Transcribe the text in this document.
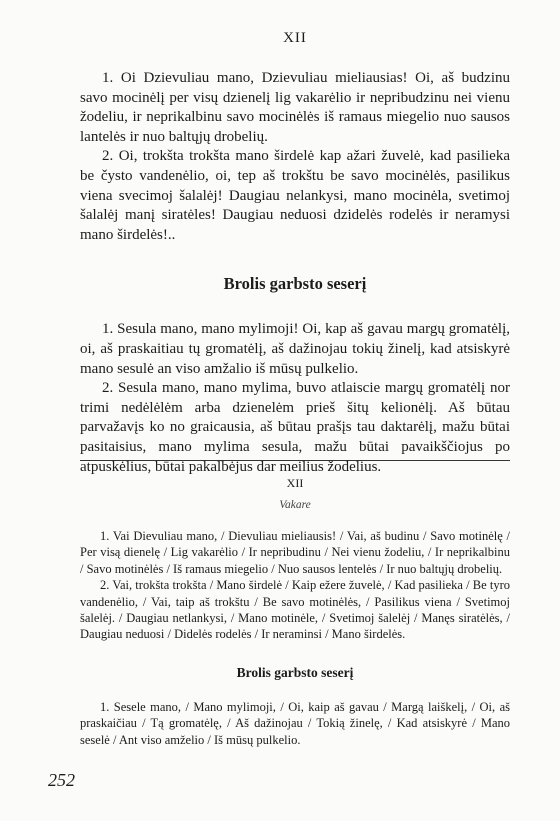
XII

1. Oi Dzievuliau mano, Dzievuliau mieliausias! Oi, aš budzinu savo mocinėlį per visų dzienelį lig vakarėlio ir nepribudzinu nei vienu žodeliu, ir neprikalbinu savo mocinėlės iš ramaus miegelio nuo sausos lantelės ir nuo baltųjų drobelių.

2. Oi, trokšta trokšta mano širdelė kap ažari žuvelė, kad pasilieka be čysto vandenėlio, oi, tep aš trokštu be savo mocinėlės, pasilikus viena svecimoj šalalėj! Daugiau nelankysi, mano mocinėla, svetimoj šalalėj manį siratėles! Daugiau neduosi dzidelės rodelės ir neramysi mano širdelės!..

Brolis garbsto seserį

1. Sesula mano, mano mylimoji! Oi, kap aš gavau margų gromatėlį, oi, aš praskaitiau tų gromatėlį, aš dažinojau tokių žinelį, kad atsiskyrė mano sesulė an viso amžalio iš mūsų pulkelio.

2. Sesula mano, mano mylima, buvo atlaiscie margų gromatėlį nor trimi nedėlėlėm arba dzienelėm prieš šitų kelionėlį. Aš būtau parvažavįs ko no graicausia, aš būtau prašįs tau daktarėlį, mažu būtai pasitaisius, mano mylima sesula, mažu būtai pavaikščiojus po atpuskėlius, būtai pakalbėjus dar meilius žodelius.

XII
Vakare

1. Vai Dievuliau mano, / Dievuliau mieliausis! / Vai, aš budinu / Savo motinėlę / Per visą dienelę / Lig vakarėlio / Ir nepribudinu / Nei vienu žodeliu, / Ir neprikalbinu / Savo motinėlės / Iš ramaus miegelio / Nuo sausos lentelės / Ir nuo baltųjų drobelių.

2. Vai, trokšta trokšta / Mano širdelė / Kaip ežere žuvelė, / Kad pasilieka / Be tyro vandenėlio, / Vai, taip aš trokštu / Be savo motinėlės, / Pasilikus viena / Svetimoj šalelėj. / Daugiau netlankysi, / Mano motinėle, / Svetimoj šalelėj / Manęs siratėlės, / Daugiau neduosi / Didelės rodelės / Ir neraminsi / Mano širdelės.

Brolis garbsto seserį

1. Sesele mano, / Mano mylimoji, / Oi, kaip aš gavau / Margą laiškelį, / Oi, aš praskaičiau / Tą gromatėlę, / Aš dažinojau / Tokią žinelę, / Kad atsiskyrė / Mano seselė / Ant viso amželio / Iš mūsų pulkelio.

252
